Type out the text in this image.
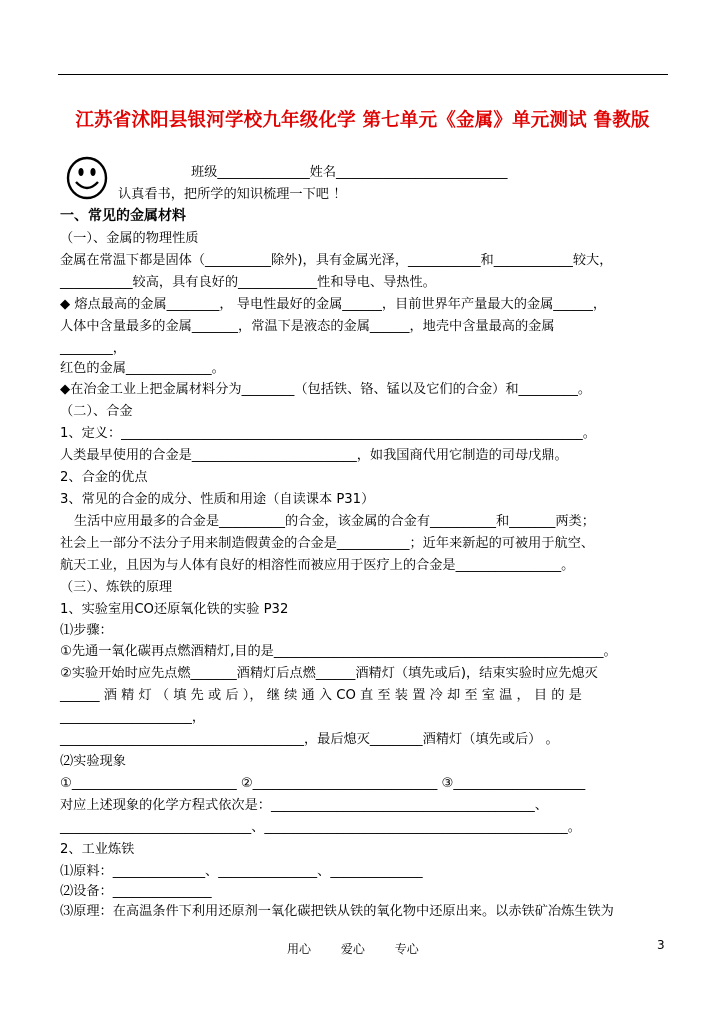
江苏省沭阳县银河学校九年级化学 第七单元《金属》单元测试 鲁教版
班级______________姓名__________________________
认真看书，把所学的知识梳理一下吧 ！
一、常见的金属材料
（一）、金属的物理性质
金属在常温下都是固体（__________除外)，具有金属光泽，___________和____________较大，
___________较高，具有良好的____________性和导电、导热性。
◆ 熔点最高的金属________， 导电性最好的金属______，目前世界年产量最大的金属______，
人体中含量最多的金属_______，常温下是液态的金属______，地壳中含量最高的金属
________，
红色的金属_____________。
◆在冶金工业上把金属材料分为________（包括铁、铬、锰以及它们的合金）和_________。
（二）、合金
1、定义：______________________________________________________________________。
人类最早使用的合金是_________________________，如我国商代用它制造的司母戊鼎。
2、合金的优点
3、常见的合金的成分、性质和用途（自读课本 P31）
生活中应用最多的合金是__________的合金，该金属的合金有__________和_______两类；
社会上一部分不法分子用来制造假黄金的合金是___________；近年来新起的可被用于航空、
航天工业，且因为与人体有良好的相溶性而被应用于医疗上的合金是________________。
（三）、炼铁的原理
1、实验室用CO还原氧化铁的实验 P32
⑴步骤：
①先通一氧化碳再点燃酒精灯,目的是__________________________________________________。
②实验开始时应先点燃_______酒精灯后点燃______酒精灯（填先或后)，结束实验时应先熄灭
______ 酒 精 灯 （ 填 先 或 后 ）， 继 续 通 入 CO 直 至 装 置 冷 却 至 室 温 ， 目 的 是
____________________，
_____________________________________，最后熄灭________酒精灯（填先或后） 。
⑵实验现象
①_________________________ ②____________________________ ③____________________
对应上述现象的化学方程式依次是：________________________________________、
_____________________________、______________________________________________。
2、工业炼铁
⑴原料：______________、_______________、______________
⑵设备：_______________
⑶原理：在高温条件下利用还原剂一氧化碳把铁从铁的氧化物中还原出来。以赤铁矿冶炼生铁为
用心 爱心 专心	3
